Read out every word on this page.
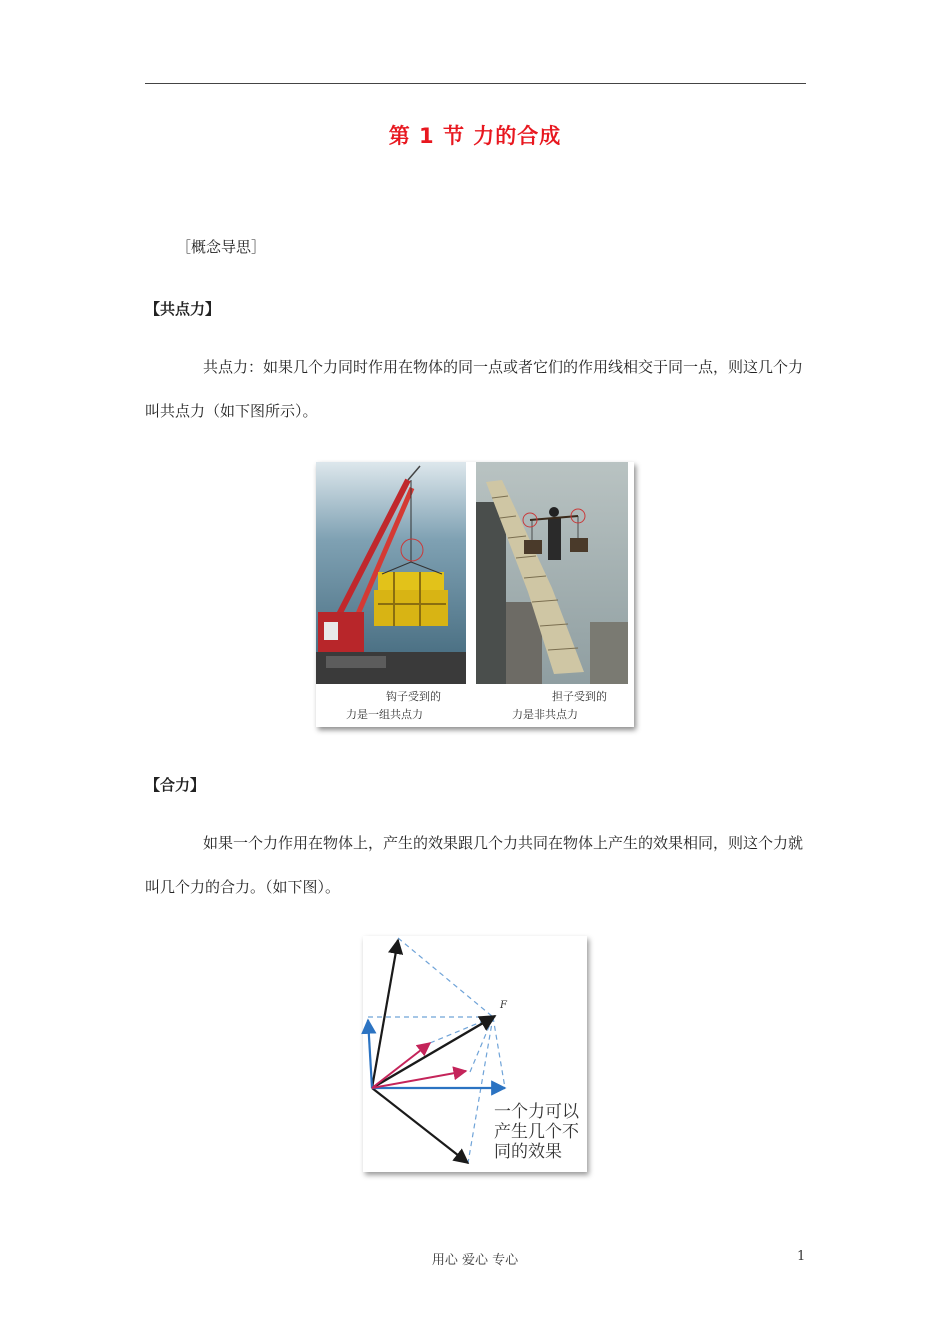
第 1 节 力的合成
［概念导思］
【共点力】

共点力：如果几个力同时作用在物体的同一点或者它们的作用线相交于同一点，则这几个力叫共点力（如下图所示）。

钩子受到的
力是一组共点力
担子受到的
力是非共点力
【合力】

如果一个力作用在物体上，产生的效果跟几个力共同在物体上产生的效果相同，则这个力就叫几个力的合力。（如下图）。

F
一个力可以
产生几个不
同的效果
用心 爱心 专心	1
